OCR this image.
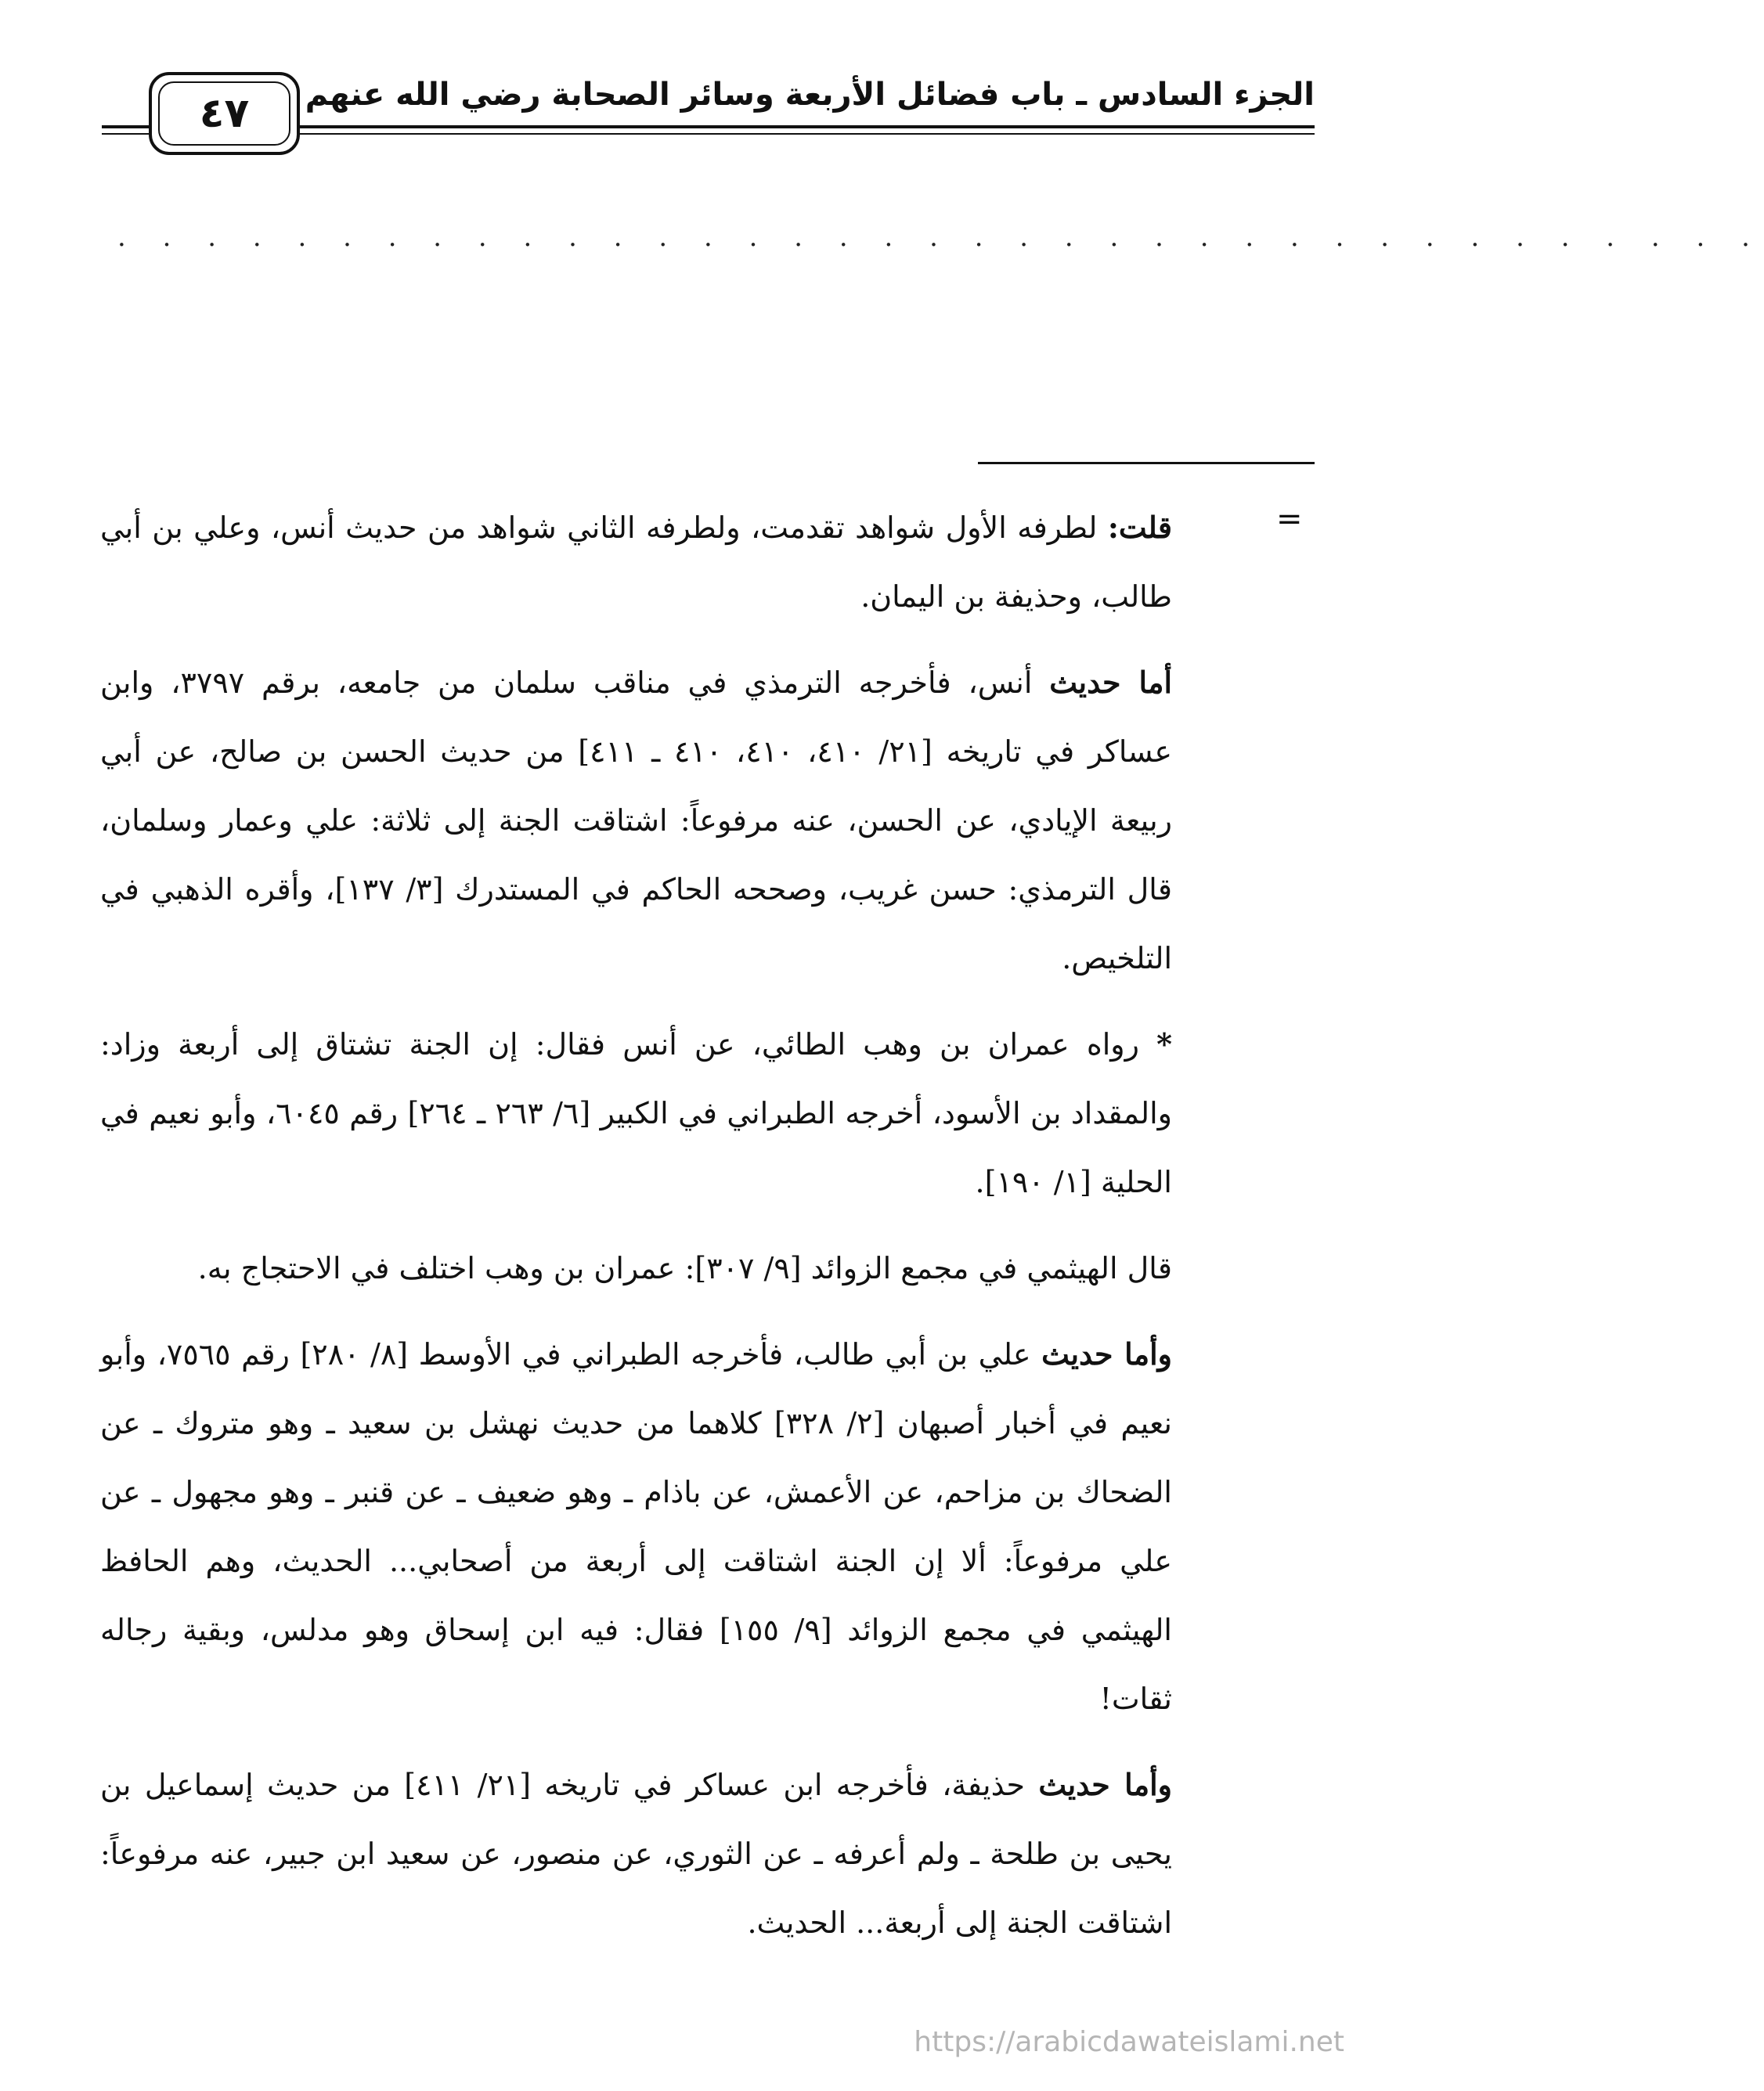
الجزء السادس ـ باب فضائل الأربعة وسائر الصحابة رضي الله عنهم
٤٧
· · · · · · · · · · · · · · · · · · · · · · · · · · · · · · · · · · · · ·
=

قلت: لطرفه الأول شواهد تقدمت، ولطرفه الثاني شواهد من حديث أنس، وعلي بن أبي طالب، وحذيفة بن اليمان.

أما حديث أنس، فأخرجه الترمذي في مناقب سلمان من جامعه، برقم ٣٧٩٧، وابن عساكر في تاريخه [٢١/ ٤١٠، ٤١٠، ٤١٠ ـ ٤١١] من حديث الحسن بن صالح، عن أبي ربيعة الإيادي، عن الحسن، عنه مرفوعاً: اشتاقت الجنة إلى ثلاثة: علي وعمار وسلمان، قال الترمذي: حسن غريب، وصححه الحاكم في المستدرك [٣/ ١٣٧]، وأقره الذهبي في التلخيص.

* رواه عمران بن وهب الطائي، عن أنس فقال: إن الجنة تشتاق إلى أربعة وزاد: والمقداد بن الأسود، أخرجه الطبراني في الكبير [٦/ ٢٦٣ ـ ٢٦٤] رقم ٦٠٤٥، وأبو نعيم في الحلية [١/ ١٩٠].

قال الهيثمي في مجمع الزوائد [٩/ ٣٠٧]: عمران بن وهب اختلف في الاحتجاج به.

وأما حديث علي بن أبي طالب، فأخرجه الطبراني في الأوسط [٨/ ٢٨٠] رقم ٧٥٦٥، وأبو نعيم في أخبار أصبهان [٢/ ٣٢٨] كلاهما من حديث نهشل بن سعيد ـ وهو متروك ـ عن الضحاك بن مزاحم، عن الأعمش، عن باذام ـ وهو ضعيف ـ عن قنبر ـ وهو مجهول ـ عن علي مرفوعاً: ألا إن الجنة اشتاقت إلى أربعة من أصحابي... الحديث، وهم الحافظ الهيثمي في مجمع الزوائد [٩/ ١٥٥] فقال: فيه ابن إسحاق وهو مدلس، وبقية رجاله ثقات!

وأما حديث حذيفة، فأخرجه ابن عساكر في تاريخه [٢١/ ٤١١] من حديث إسماعيل بن يحيى بن طلحة ـ ولم أعرفه ـ عن الثوري، عن منصور، عن سعيد ابن جبير، عنه مرفوعاً: اشتاقت الجنة إلى أربعة... الحديث.

https://arabicdawateislami.net
